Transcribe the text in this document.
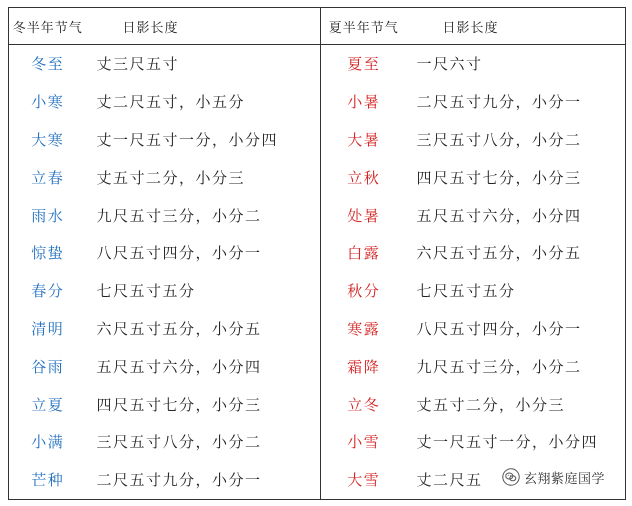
冬半年节气	日影长度	夏半年节气	日影长度
冬至	丈三尺五寸	夏至	一尺六寸
小寒	丈二尺五寸，小五分	小暑	二尺五寸九分，小分一
大寒	丈一尺五寸一分，小分四	大暑	三尺五寸八分，小分二
立春	丈五寸二分，小分三	立秋	四尺五寸七分，小分三
雨水	九尺五寸三分，小分二	处暑	五尺五寸六分，小分四
惊蛰	八尺五寸四分，小分一	白露	六尺五寸五分，小分五
春分	七尺五寸五分	秋分	七尺五寸五分
清明	六尺五寸五分，小分五	寒露	八尺五寸四分，小分一
谷雨	五尺五寸六分，小分四	霜降	九尺五寸三分，小分二
立夏	四尺五寸七分，小分三	立冬	丈五寸二分，小分三
小满	三尺五寸八分，小分二	小雪	丈一尺五寸一分，小分四
芒种	二尺五寸九分，小分一	大雪	丈二尺五	玄翔紫庭国学
